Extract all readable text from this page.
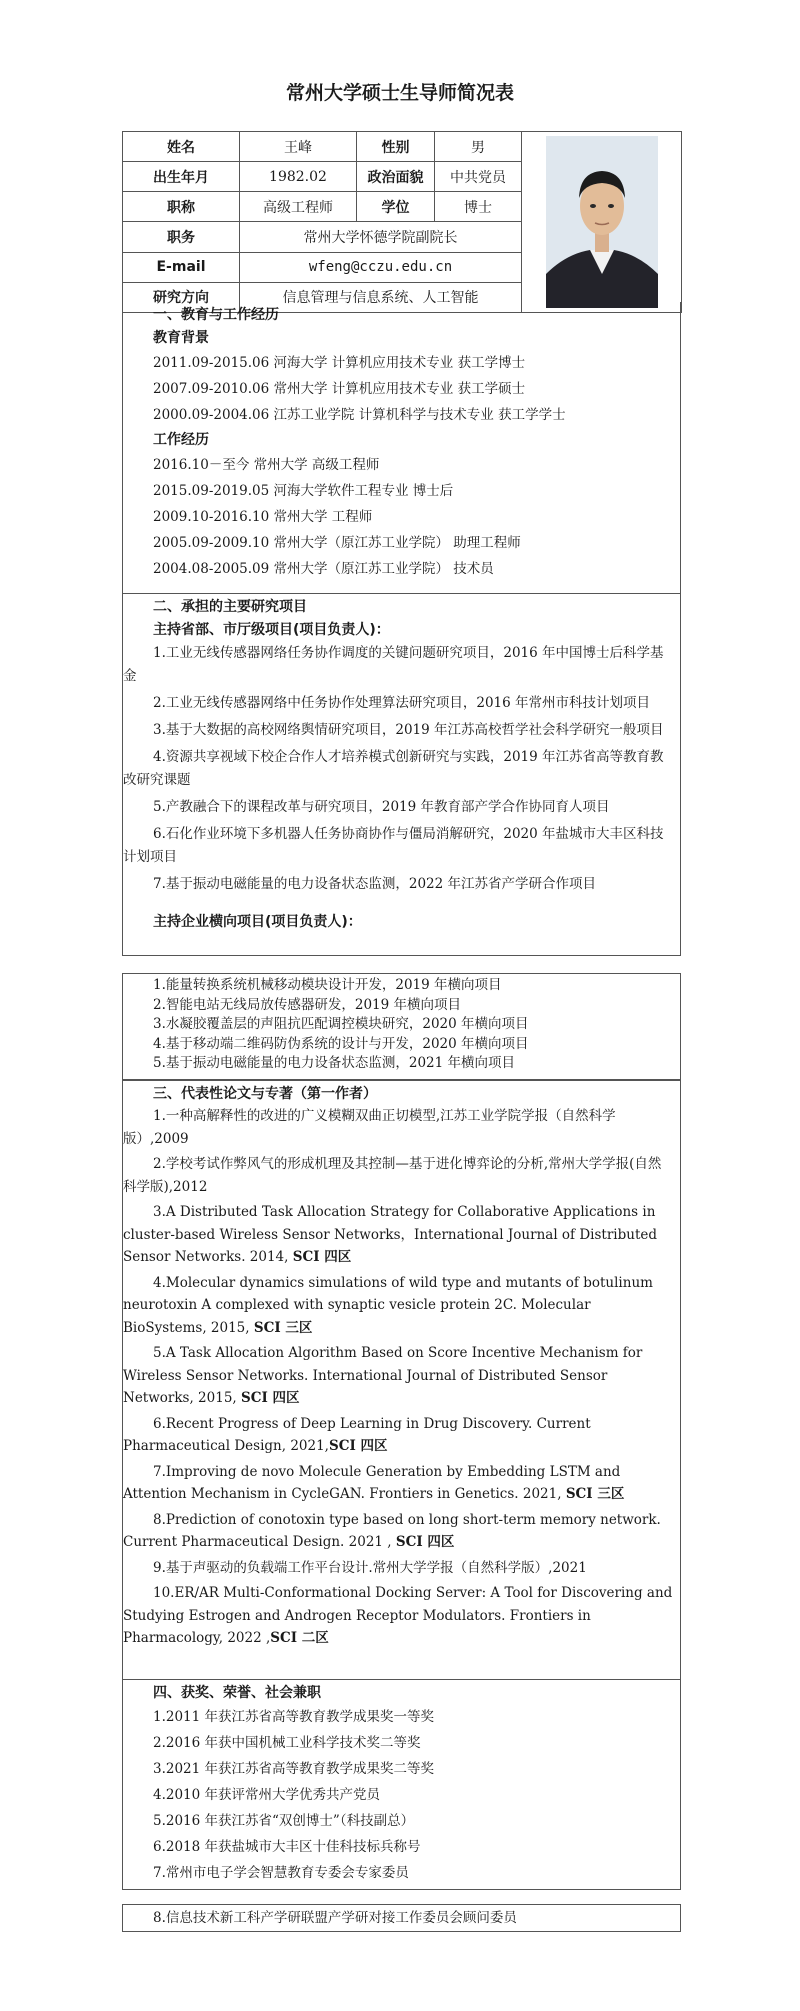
常州大学硕士生导师简况表
姓名	王峰	性别	男	

出生年月	1982.02	政治面貌	中共党员	
职称	高级工程师	学位	博士	
职务	常州大学怀德学院副院长			
E-mail	wfeng@cczu.edu.cn			
研究方向	信息管理与信息系统、人工智能			
一、教育与工作经历
教育背景
2011.09-2015.06 河海大学 计算机应用技术专业 获工学博士
2007.09-2010.06 常州大学 计算机应用技术专业 获工学硕士
2000.09-2004.06 江苏工业学院 计算机科学与技术专业 获工学学士
工作经历
2016.10－至今 常州大学 高级工程师
2015.09-2019.05 河海大学软件工程专业 博士后
2009.10-2016.10 常州大学 工程师
2005.09-2009.10 常州大学（原江苏工业学院） 助理工程师
2004.08-2005.09 常州大学（原江苏工业学院） 技术员
二、承担的主要研究项目
主持省部、市厅级项目(项目负责人)：
1.工业无线传感器网络任务协作调度的关键问题研究项目，2016 年中国博士后科学基金
2.工业无线传感器网络中任务协作处理算法研究项目，2016 年常州市科技计划项目
3.基于大数据的高校网络舆情研究项目，2019 年江苏高校哲学社会科学研究一般项目
4.资源共享视域下校企合作人才培养模式创新研究与实践，2019 年江苏省高等教育教改研究课题
5.产教融合下的课程改革与研究项目，2019 年教育部产学合作协同育人项目
6.石化作业环境下多机器人任务协商协作与僵局消解研究，2020 年盐城市大丰区科技计划项目
7.基于振动电磁能量的电力设备状态监测，2022 年江苏省产学研合作项目
主持企业横向项目(项目负责人)：
1.能量转换系统机械移动模块设计开发，2019 年横向项目
2.智能电站无线局放传感器研发，2019 年横向项目
3.水凝胶覆盖层的声阻抗匹配调控模块研究，2020 年横向项目
4.基于移动端二维码防伪系统的设计与开发，2020 年横向项目
5.基于振动电磁能量的电力设备状态监测，2021 年横向项目
三、代表性论文与专著（第一作者）
1.一种高解释性的改进的广义模糊双曲正切模型,江苏工业学院学报（自然科学版）,2009
2.学校考试作弊风气的形成机理及其控制—基于进化博弈论的分析,常州大学学报(自然科学版),2012
3.A Distributed Task Allocation Strategy for Collaborative Applications in cluster-based Wireless Sensor Networks，International Journal of Distributed Sensor Networks. 2014, SCI 四区
4.Molecular dynamics simulations of wild type and mutants of botulinum neurotoxin A complexed with synaptic vesicle protein 2C. Molecular BioSystems, 2015, SCI 三区
5.A Task Allocation Algorithm Based on Score Incentive Mechanism for Wireless Sensor Networks. International Journal of Distributed Sensor Networks, 2015, SCI 四区
6.Recent Progress of Deep Learning in Drug Discovery. Current Pharmaceutical Design, 2021,SCI 四区
7.Improving de novo Molecule Generation by Embedding LSTM and Attention Mechanism in CycleGAN. Frontiers in Genetics. 2021, SCI 三区
8.Prediction of conotoxin type based on long short-term memory network. Current Pharmaceutical Design. 2021 , SCI 四区
9.基于声驱动的负载端工作平台设计.常州大学学报（自然科学版）,2021
10.ER/AR Multi-Conformational Docking Server: A Tool for Discovering and Studying Estrogen and Androgen Receptor Modulators. Frontiers in Pharmacology, 2022 ,SCI 二区
四、获奖、荣誉、社会兼职
1.2011 年获江苏省高等教育教学成果奖一等奖
2.2016 年获中国机械工业科学技术奖二等奖
3.2021 年获江苏省高等教育教学成果奖二等奖
4.2010 年获评常州大学优秀共产党员
5.2016 年获江苏省“双创博士”（科技副总）
6.2018 年获盐城市大丰区十佳科技标兵称号
7.常州市电子学会智慧教育专委会专家委员
8.信息技术新工科产学研联盟产学研对接工作委员会顾问委员
